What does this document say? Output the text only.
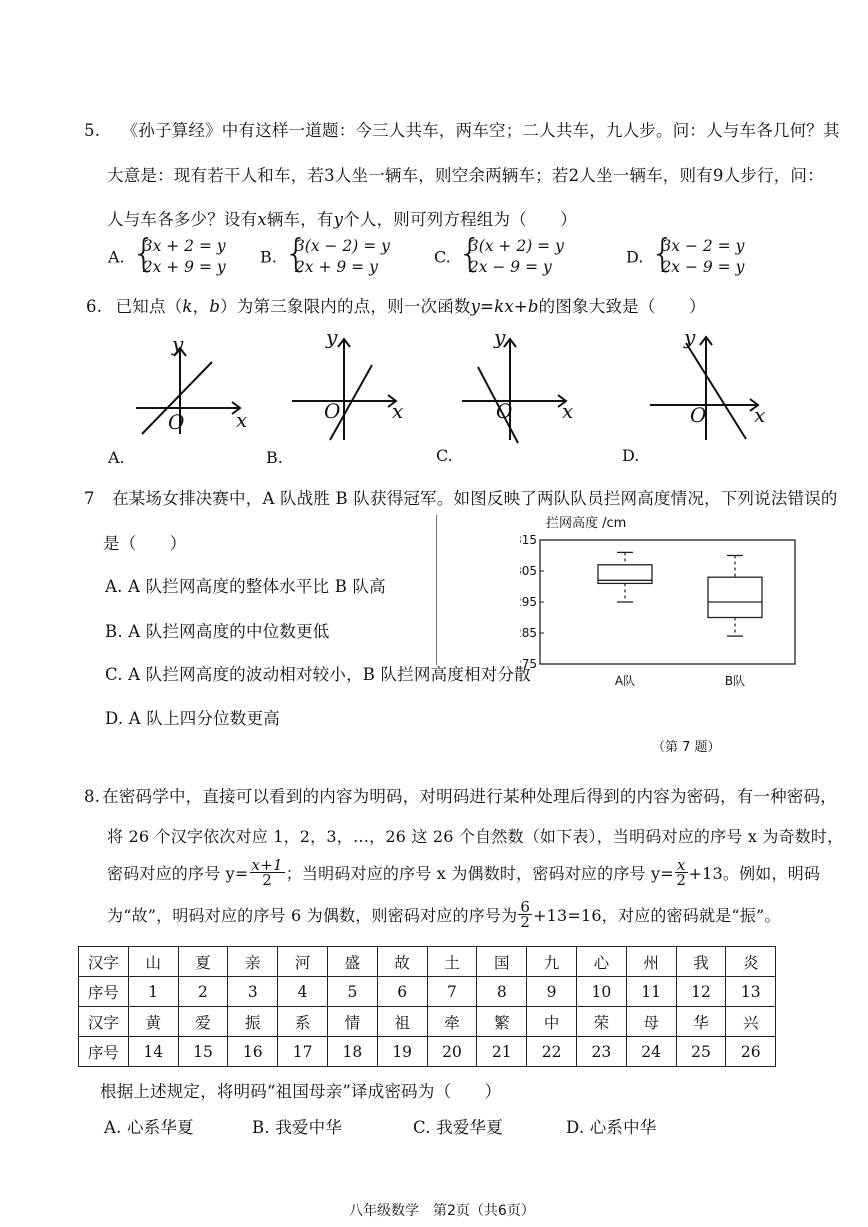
5. 《孙子算经》中有这样一道题：今三人共车，两车空；二人共车，九人步。问：人与车各几何？其
大意是：现有若干人和车，若3人坐一辆车，则空余两辆车；若2人坐一辆车，则有9人步行，问：
人与车各多少？设有x辆车，有y个人，则可列方程组为（　　）
A.
{ 3x + 2 = y
2x + 9 = y
B.
{ 3(x − 2) = y
2x + 9 = y
C.
{ 3(x + 2) = y
2x − 9 = y
D.
{ 3x − 2 = y
2x − 9 = y
6. 已知点（k，b）为第三象限内的点，则一次函数y=kx+b的图象大致是（　　）
y
x
O
A.
y
x
O
B.
y
x
O
C.
y
x
O
D.
7 在某场女排决赛中，A 队战胜 B 队获得冠军。如图反映了两队队员拦网高度情况，下列说法错误的
是（　　）
A. A 队拦网高度的整体水平比 B 队高
B. A 队拦网高度的中位数更低
C. A 队拦网高度的波动相对较小，B 队拦网高度相对分散
D. A 队上四分位数更高
拦网高度 /cm
15
05
95
85
75
A队	B队
（第 7 题）
8. 在密码学中，直接可以看到的内容为明码，对明码进行某种处理后得到的内容为密码，有一种密码，
将 26 个汉字依次对应 1，2，3，…，26 这 26 个自然数（如下表），当明码对应的序号 x 为奇数时，
密码对应的序号 $y= \frac{x+1}{2}$ ；当明码对应的序号 x 为偶数时，密码对应的序号 $y= \frac{x}{2} +13$。例如，明码
为“故”，明码对应的序号 6 为偶数，则密码对应的序号为 $\frac{6}{2} +13=16$，对应的密码就是“振”。
汉字	山	夏	亲	河	盛	故	土	国	九	心	州	我	炎
序号	1	2	3	4	5	6	7	8	9	10	11	12	13
汉字	黄	爱	振	系	情	祖	牵	繁	中	荣	母	华	兴
序号	14	15	16	17	18	19	20	21	22	23	24	25	26
根据上述规定，将明码“祖国母亲”译成密码为（　　）
A. 心系华夏	B. 我爱中华	C. 我爱华夏	D. 心系中华
八年级数学　第2页（共6页）
